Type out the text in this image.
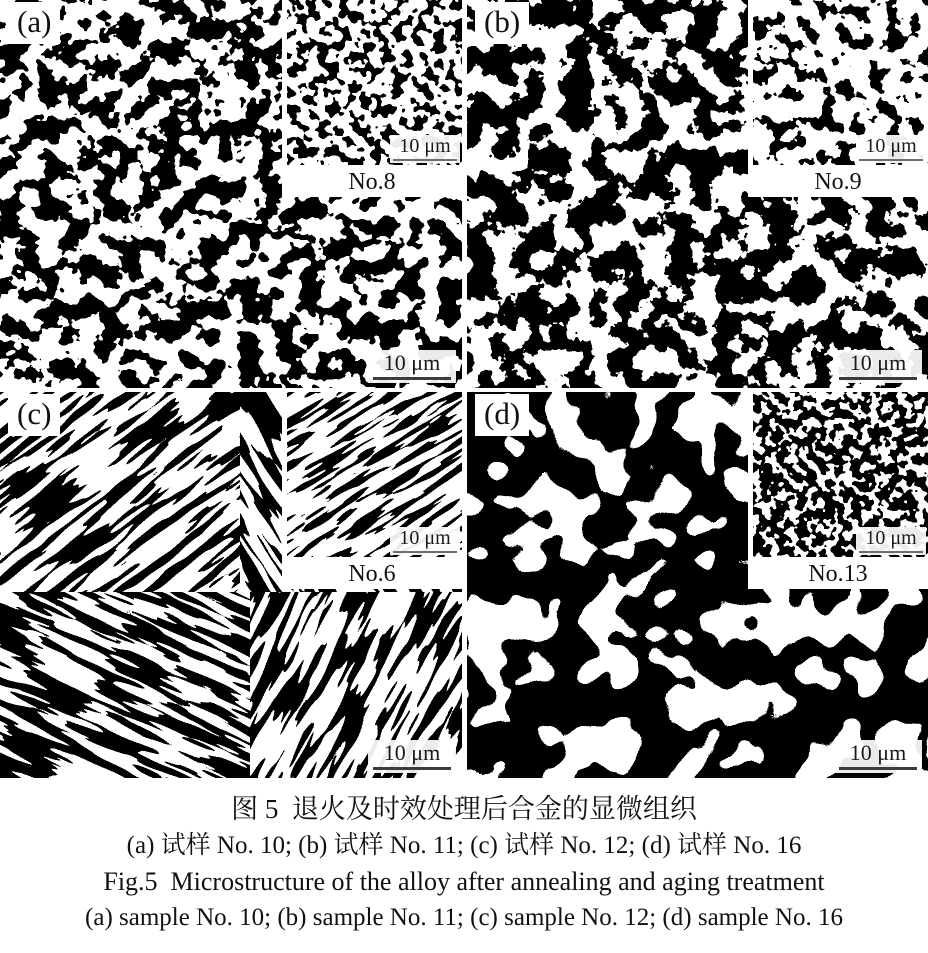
(a)
10 μm
No.8
10 μm
(b)
10 μm
No.9
10 μm
(c)
10 μm
No.6
10 μm
(d)
10 μm
No.13
10 μm
图 5  退火及时效处理后合金的显微组织
(a) 试样 No. 10; (b) 试样 No. 11; (c) 试样 No. 12; (d) 试样 No. 16
Fig.5  Microstructure of the alloy after annealing and aging treatment
(a) sample No. 10; (b) sample No. 11; (c) sample No. 12; (d) sample No. 16
